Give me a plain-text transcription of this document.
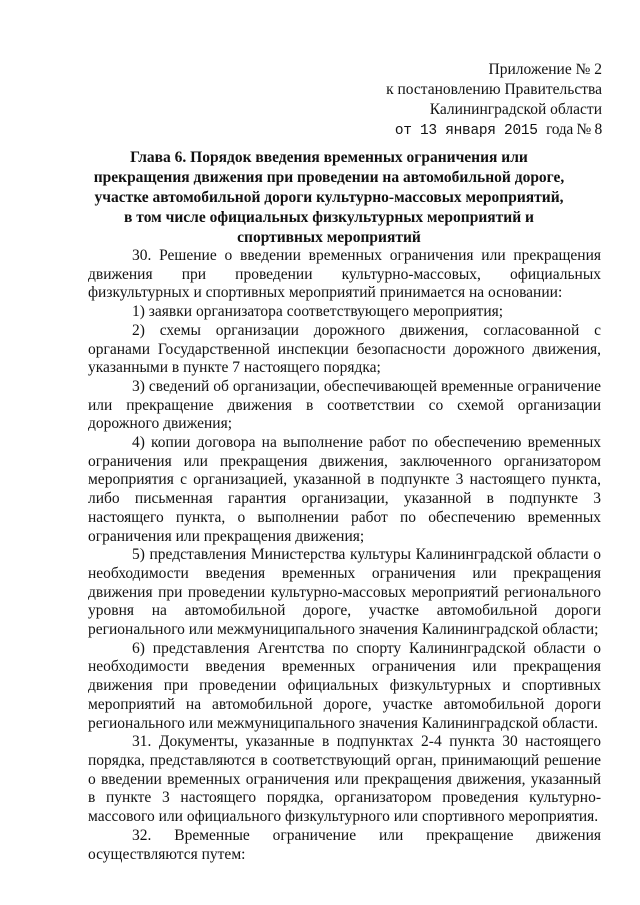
Приложение № 2
к постановлению Правительства
Калининградской области
от 13 января 2015 года № 8
Глава 6. Порядок введения временных ограничения или прекращения движения при проведении на автомобильной дороге, участке автомобильной дороги культурно-массовых мероприятий, в том числе официальных физкультурных мероприятий и спортивных мероприятий

30. Решение о введении временных ограничения или прекращения движения при проведении культурно-массовых, официальных физкультурных и спортивных мероприятий принимается на основании:

1) заявки организатора соответствующего мероприятия;

2) схемы организации дорожного движения, согласованной с органами Государственной инспекции безопасности дорожного движения, указанными в пункте 7 настоящего порядка;

3) сведений об организации, обеспечивающей временные ограничение или прекращение движения в соответствии со схемой организации дорожного движения;

4) копии договора на выполнение работ по обеспечению временных ограничения или прекращения движения, заключенного организатором мероприятия с организацией, указанной в подпункте 3 настоящего пункта, либо письменная гарантия организации, указанной в подпункте 3 настоящего пункта, о выполнении работ по обеспечению временных ограничения или прекращения движения;

5) представления Министерства культуры Калининградской области о необходимости введения временных ограничения или прекращения движения при проведении культурно-массовых мероприятий регионального уровня на автомобильной дороге, участке автомобильной дороги регионального или межмуниципального значения Калининградской области;

6) представления Агентства по спорту Калининградской области о необходимости введения временных ограничения или прекращения движения при проведении официальных физкультурных и спортивных мероприятий на автомобильной дороге, участке автомобильной дороги регионального или межмуниципального значения Калининградской области.

31. Документы, указанные в подпунктах 2-4 пункта 30 настоящего порядка, представляются в соответствующий орган, принимающий решение о введении временных ограничения или прекращения движения, указанный в пункте 3 настоящего порядка, организатором проведения культурно-массового или официального физкультурного или спортивного мероприятия.

32. Временные ограничение или прекращение движения осуществляются путем:
